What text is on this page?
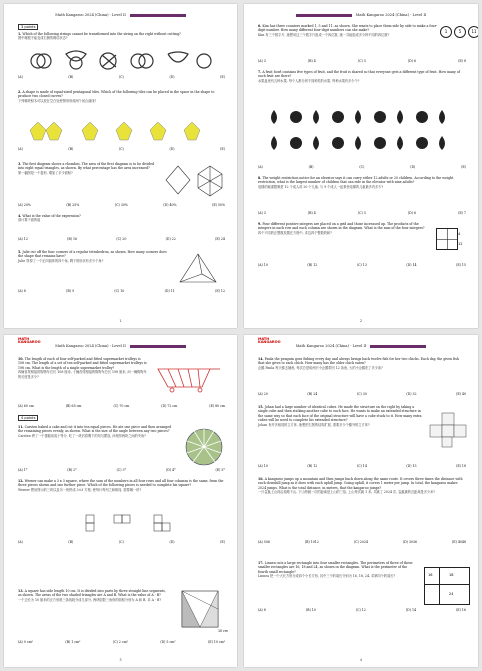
Math Kangaroo 2024 (China) - Level II
3 points
1. Which of the following strings cannot be transformed into the string on the right without cutting?
图中哪根不能变成右侧的绳结状态?
(A)	(B)	(C)	(D)	(E)
2. A shape is made of equal-sized pentagonal tiles. Which of the following tiles can be placed in the space in the shape to produce two closed curves?
下列哪块积木可以放在空白处使图形形成两个闭合曲线?
(A)	(B)	(C)	(D)	(E)
3. The first diagram shows a rhombus. The area of the first diagram is to be divided into eight equal triangles, as shown. By what percentage has the area increased?
第一幅图是一个菱形, 增加了多少面积?
(A) 20%	(B) 25%	(C) 30%	(D) 40%	(E) 50%
4. What is the value of the expression?
请计算下面的值
(A) 12	(B) 16	(C) 20	(D) 22	(E) 24
5. Julie cut off the four corners of a regular tetrahedron, as shown. How many corners does the shape that remains have?
Julie 剪掉了一个正四面体的四个角, 剩下的形状有多少个角?
(A) 8	(B) 9	(C) 10	(D) 11	(E) 12
1
Math Kangaroo 2024 (China) - Level II
6. Kim has three counters marked 1, 5 and 11, as shown. She wants to place them side by side to make a four-digit number. How many different four-digit numbers can she make?
Kim 有三个数字片, 她想用这三个数字片组成一个四位数, 她一共能组成多少种不同的四位数?
1	5	11
(A) 3	(B) 4	(C) 5	(D) 6	(E) 8
7. A fruit bowl contains five types of fruit, and the fruit is shared so that everyone gets a different type of fruit. How many of each fruit are there?
水果盘里有五种水果, 每个人都分到不同种类的水果, 每种水果有多少个?
(A)	(B)	(C)	(D)	(E)
8. The weight restriction notice for an elevator says it can carry either 12 adults or 20 children. According to the weight restriction, what is the largest number of children that can ride in the elevator with nine adults?
电梯的载重限制是 12 个成人或 20 个儿童, 与 9 个成人一起乘坐电梯的儿童最多有多少?
(A) 3	(B) 4	(C) 5	(D) 6	(E) 7
9. Four different positive integers are placed on a grid and those increased up. The products of the integers in each row and each column are shown in the diagram. What is the sum of the four integers?
四个不同的正整数放置在方格中, 求这四个整数的和?	4
12
(A) 10	(B) 12	(C) 13	(D) 14	(E) 15
2
MATH KANGAROO
Math Kangaroo 2024 (China) - Level II
10. The length of each of four self-parked and fitted supermarket trolleys is 108 cm. The length of a set of ten self-parked and fitted supermarket trolleys is 198 cm. What is the length of a single supermarket trolley?
四辆首尾相接的购物车总长 108 厘米, 十辆首尾相接的购物车总长 198 厘米, 问一辆购物车的长度是多少?
(A) 60 cm	(B) 65 cm	(C) 70 cm	(D) 72 cm	(E) 80 cm
4 points
11. Carsten baked a cake and cut it into ten equal pieces. He ate one piece and then arranged the remaining pieces evenly, as shown. What is the size of the angle between any two pieces?
Carsten 烤了一个蛋糕切成十等分, 吃了一块后将剩下的均匀摆放, 问相邻两块之间的夹角?
(A) 1°	(B) 2°	(C) 3°	(D) 4°	(E) 5°
12. Werner can make a 3 x 3 square, where the sum of the numbers in all four rows and all four columns is the same, from the three pieces shown and one further piece. Which of the following pieces is needed to complete his square?
Werner 想用图示的三块以及另一块拼成 3×3 方格, 使每行每列之和相同, 需要哪一块?
(A)	(B)	(C)	(D)	(E)
13. A square has side length 10 cm. It is divided into parts by three straight line segments, as shown. The areas of the two shaded triangles are A and B. What is the value of A - B?
一个边长为 10 厘米的正方形被三条线段分成几部分, 两块阴影三角形的面积分别为 A 和 B, 求 A - B?
10 cm
(A) 0 cm²	(B) 1 cm²	(C) 2 cm²	(D) 5 cm²	(E) 10 cm²
3
MATH KANGAROO
Math Kangaroo 2024 (China) - Level II
14. Paula the penguin goes fishing every day and always brings back twelve fish for her two chicks. Each day, the given fish that she gives to each chick. How many has the older chick eaten?
企鹅 Paula 每天都去捕鱼, 每次总是给两只小企鹅带回 12 条鱼, 大的小企鹅吃了多少条?
(A) 20	(B) 24	(C) 30	(D) 32	(E) 40
15. Johan had a large number of identical cubes. He made the structure on the right by taking a single cube and then sticking another cube to each face. He wants to make an extended structure in the same way so that each face of the original structure will have a cube stuck to it. How many extra cubes will he need to complete his extended structure?
Johan 有许多相同的立方体, 他想把右图的结构扩展, 需要多少个额外的立方体?
(A) 10	(B) 12	(C) 14	(D) 15	(E) 18
16. A kangaroo jumps up a mountain and then jumps back down along the same route. It covers three times the distance with each downhill jump as it does with each uphill jump. Going uphill, it covers 1 meter per jump. In total, the kangaroo makes 2024 jumps. What is the total distance, in meters, that the kangaroo jumps?
一只袋鼠上山再沿原路下山, 下山每跳一次的距离是上山的三倍, 上山每次跳 1 米, 共跳了 2024 次, 袋鼠跳的总距离是多少米?
(A) 506	(B) 1012	(C) 2024	(D) 3036	(E) 4048
17. Linnea cuts a large rectangle into four smaller rectangles. The perimeters of three of these smaller rectangles are 16, 18 and 24, as shown in the diagram. What is the perimeter of the fourth small rectangle?
Linnea 把一个大长方形分成四个小长方形, 其中三个的周长分别为 16, 18, 24, 求第四个的周长?	16	18
24
(A) 8	(B) 10	(C) 12	(D) 14	(E) 16
4
